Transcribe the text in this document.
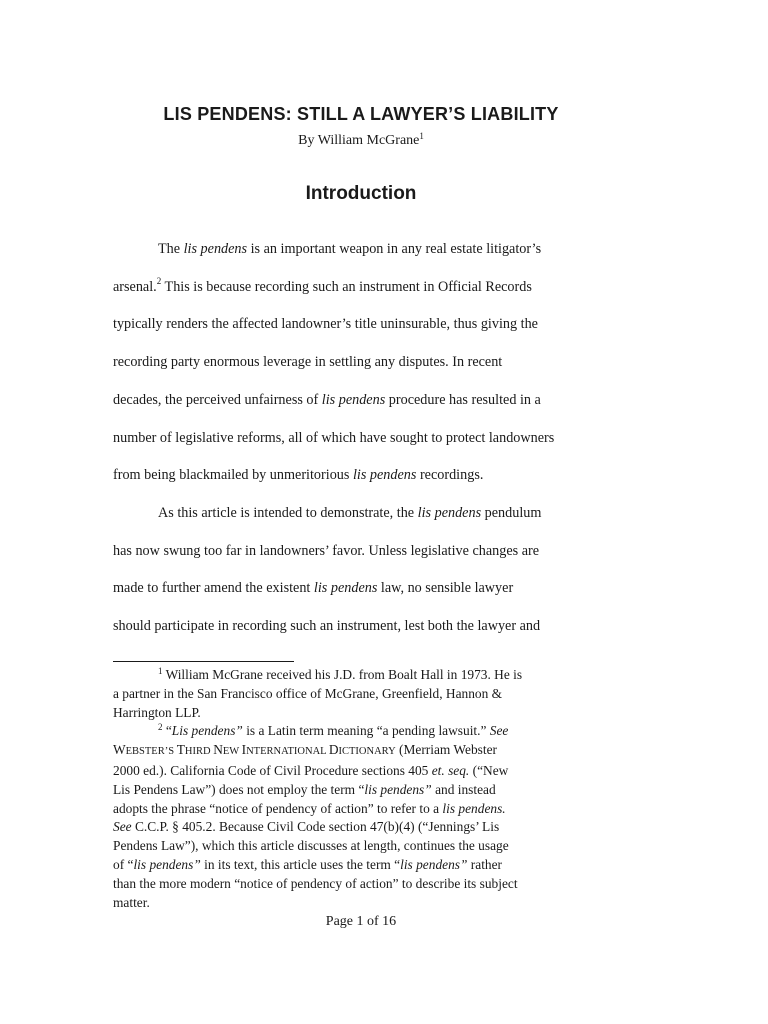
LIS PENDENS: STILL A LAWYER’S LIABILITY
By William McGrane$^1$
Introduction

The lis pendens is an important weapon in any real estate litigator’s

arsenal.$^2$ This is because recording such an instrument in Official Records

typically renders the affected landowner’s title uninsurable, thus giving the

recording party enormous leverage in settling any disputes. In recent

decades, the perceived unfairness of lis pendens procedure has resulted in a

number of legislative reforms, all of which have sought to protect landowners

from being blackmailed by unmeritorious lis pendens recordings.

As this article is intended to demonstrate, the lis pendens pendulum

has now swung too far in landowners’ favor. Unless legislative changes are

made to further amend the existent lis pendens law, no sensible lawyer

should participate in recording such an instrument, lest both the lawyer and

$^1$ William McGrane received his J.D. from Boalt Hall in 1973. He is
a partner in the San Francisco office of McGrane, Greenfield, Hannon &
Harrington LLP.
$^2$ “Lis pendens” is a Latin term meaning “a pending lawsuit.” See
WEBSTER’S THIRD NEW INTERNATIONAL DICTIONARY (Merriam Webster
2000 ed.). California Code of Civil Procedure sections 405 et. seq. (“New
Lis Pendens Law”) does not employ the term “lis pendens” and instead
adopts the phrase “notice of pendency of action” to refer to a lis pendens.
See C.C.P. § 405.2. Because Civil Code section 47(b)(4) (“Jennings’ Lis
Pendens Law”), which this article discusses at length, continues the usage
of “lis pendens” in its text, this article uses the term “lis pendens” rather
than the more modern “notice of pendency of action” to describe its subject
matter.
Page 1 of 16
